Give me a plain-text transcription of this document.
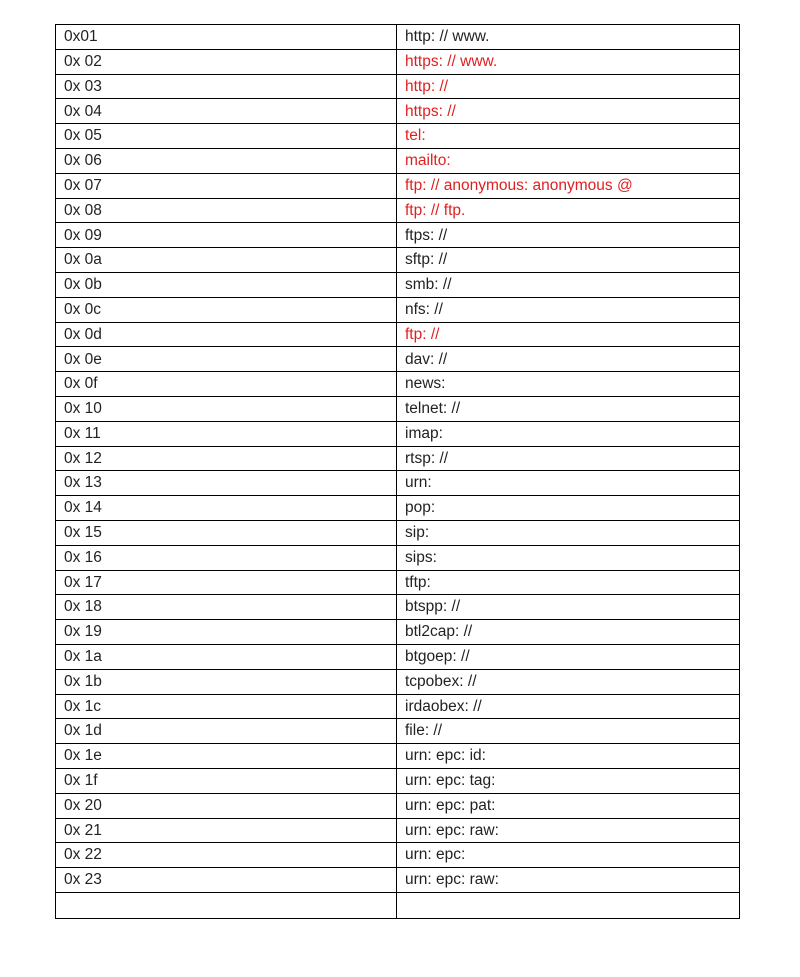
0x01	http: // www.
0x 02	https: // www.
0x 03	http: //
0x 04	https: //
0x 05	tel:
0x 06	mailto:
0x 07	ftp: // anonymous: anonymous @
0x 08	ftp: // ftp.
0x 09	ftps: //
0x 0a	sftp: //
0x 0b	smb: //
0x 0c	nfs: //
0x 0d	ftp: //
0x 0e	dav: //
0x 0f	news:
0x 10	telnet: //
0x 11	imap:
0x 12	rtsp: //
0x 13	urn:
0x 14	pop:
0x 15	sip:
0x 16	sips:
0x 17	tftp:
0x 18	btspp: //
0x 19	btl2cap: //
0x 1a	btgoep: //
0x 1b	tcpobex: //
0x 1c	irdaobex: //
0x 1d	file: //
0x 1e	urn: epc: id:
0x 1f	urn: epc: tag:
0x 20	urn: epc: pat:
0x 21	urn: epc: raw:
0x 22	urn: epc:
0x 23	urn: epc: raw:
